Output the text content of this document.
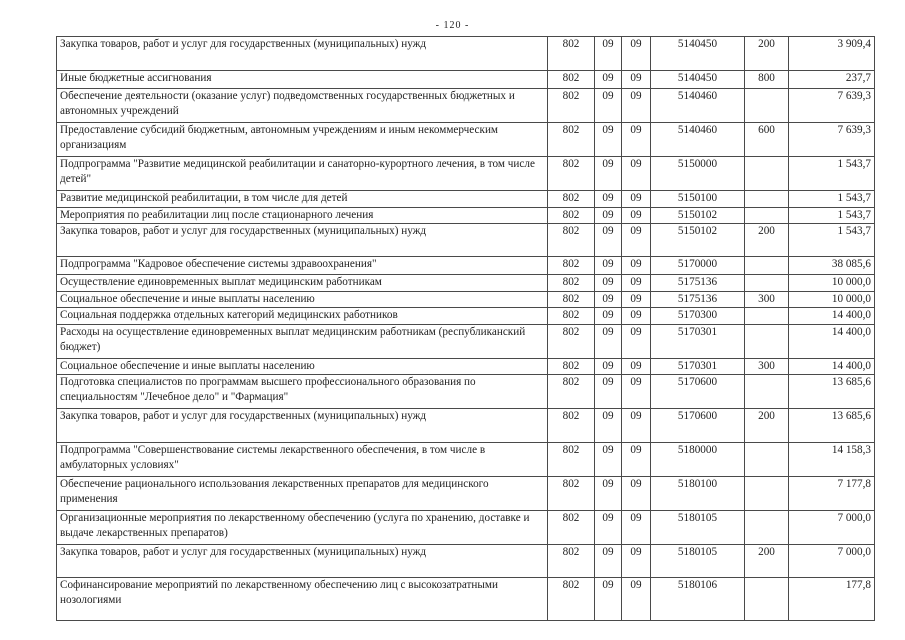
- 120 -
Закупка товаров, работ и услуг для государственных (муниципальных) нужд	802	09	09	5140450	200	3 909,4
Иные бюджетные ассигнования	802	09	09	5140450	800	237,7
Обеспечение деятельности (оказание услуг) подведомственных государственных бюджетных и автономных учреждений	802	09	09	5140460		7 639,3
Предоставление субсидий бюджетным, автономным учреждениям и иным некоммерческим организациям	802	09	09	5140460	600	7 639,3
Подпрограмма "Развитие медицинской реабилитации и санаторно-курортного лечения, в том числе детей"	802	09	09	5150000		1 543,7
Развитие медицинской реабилитации, в том числе для детей	802	09	09	5150100		1 543,7
Мероприятия по реабилитации лиц после стационарного лечения	802	09	09	5150102		1 543,7
Закупка товаров, работ и услуг для государственных (муниципальных) нужд	802	09	09	5150102	200	1 543,7
Подпрограмма "Кадровое обеспечение системы здравоохранения"	802	09	09	5170000		38 085,6
Осуществление единовременных выплат медицинским работникам	802	09	09	5175136		10 000,0
Социальное обеспечение и иные выплаты населению	802	09	09	5175136	300	10 000,0
Социальная поддержка отдельных категорий медицинских работников	802	09	09	5170300		14 400,0
Расходы на осуществление единовременных выплат медицинским работникам (республиканский бюджет)	802	09	09	5170301		14 400,0
Социальное обеспечение и иные выплаты населению	802	09	09	5170301	300	14 400,0
Подготовка специалистов по программам высшего профессионального образования по специальностям "Лечебное дело" и "Фармация"	802	09	09	5170600		13 685,6
Закупка товаров, работ и услуг для государственных (муниципальных) нужд	802	09	09	5170600	200	13 685,6
Подпрограмма "Совершенствование системы лекарственного обеспечения, в том числе в амбулаторных условиях"	802	09	09	5180000		14 158,3
Обеспечение рационального использования лекарственных препаратов для медицинского применения	802	09	09	5180100		7 177,8
Организационные мероприятия по лекарственному обеспечению (услуга по хранению, доставке и выдаче лекарственных препаратов)	802	09	09	5180105		7 000,0
Закупка товаров, работ и услуг для государственных (муниципальных) нужд	802	09	09	5180105	200	7 000,0
Софинансирование мероприятий по лекарственному обеспечению лиц с высокозатратными нозологиями	802	09	09	5180106		177,8
